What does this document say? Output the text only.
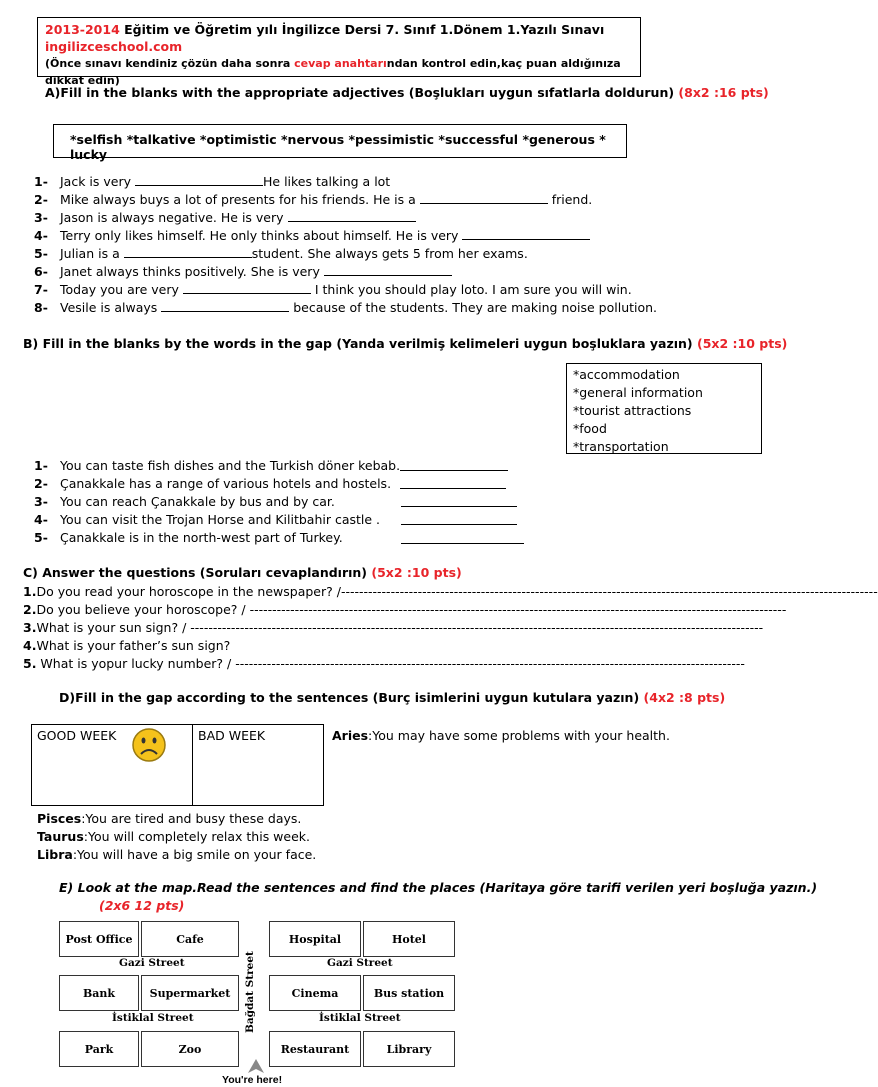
2013-2014 Eğitim ve Öğretim yılı İngilizce Dersi 7. Sınıf 1.Dönem 1.Yazılı Sınavı
ingilizceschool.com
(Önce sınavı kendiniz çözün daha sonra cevap anahtarından kontrol edin,kaç puan aldığınıza dikkat edin)
A)Fill in the blanks with the appropriate adjectives (Boşlukları uygun sıfatlarla doldurun) (8x2 :16 pts)
*selfish *talkative *optimistic *nervous *pessimistic *successful *generous * lucky
1- Jack is very	He likes talking a lot
2- Mike always buys a lot of presents for his friends. He is a	friend.
3- Jason is always negative. He is very
4- Terry only likes himself. He only thinks about himself. He is very
5- Julian is a	student. She always gets 5 from her exams.
6- Janet always thinks positively. She is very
7- Today you are very	I think you should play loto. I am sure you will win.
8- Vesile is always	because of the students. They are making noise pollution.
B) Fill in the blanks by the words in the gap (Yanda verilmiş kelimeleri uygun boşluklara yazın) (5x2 :10 pts)
*accommodation
*general information
*tourist attractions
*food
*transportation
1- You can taste fish dishes and the Turkish döner kebab.
2- Çanakkale has a range of various hotels and hostels.
3- You can reach Çanakkale by bus and by car.
4- You can visit the Trojan Horse and Kilitbahir castle .
5- Çanakkale is in the north-west part of Turkey.
C) Answer the questions (Soruları cevaplandırın) (5x2 :10 pts)
1.Do you read your horoscope in the newspaper? /-----------------------------------------------------------------------------------------------------------------------
2.Do you believe your horoscope? / -----------------------------------------------------------------------------------------------------------------------
3.What is your sun sign? / -------------------------------------------------------------------------------------------------------------------------------
4.What is your father’s sun sign?
5. What is yopur lucky number? / -----------------------------------------------------------------------------------------------------------------
D)Fill in the gap according to the sentences (Burç isimlerini uygun kutulara yazın) (4x2 :8 pts)
GOOD WEEK	BAD WEEK	Aries:You may have some problems with your health.
Pisces:You are tired and busy these days.
Taurus:You will completely relax this week.
Libra:You will have a big smile on your face.
E) Look at the map.Read the sentences and find the places (Haritaya göre tarifi verilen yeri boşluğa yazın.)
(2x6 12 pts)
Post Office	Cafe	Hospital	Hotel
Gazi Street	Gazi Street
Bank	Supermarket	Cinema	Bus station
İstiklal Street	İstiklal Street
Park	Zoo	Restaurant	Library
Bağdat Street
You're here!
